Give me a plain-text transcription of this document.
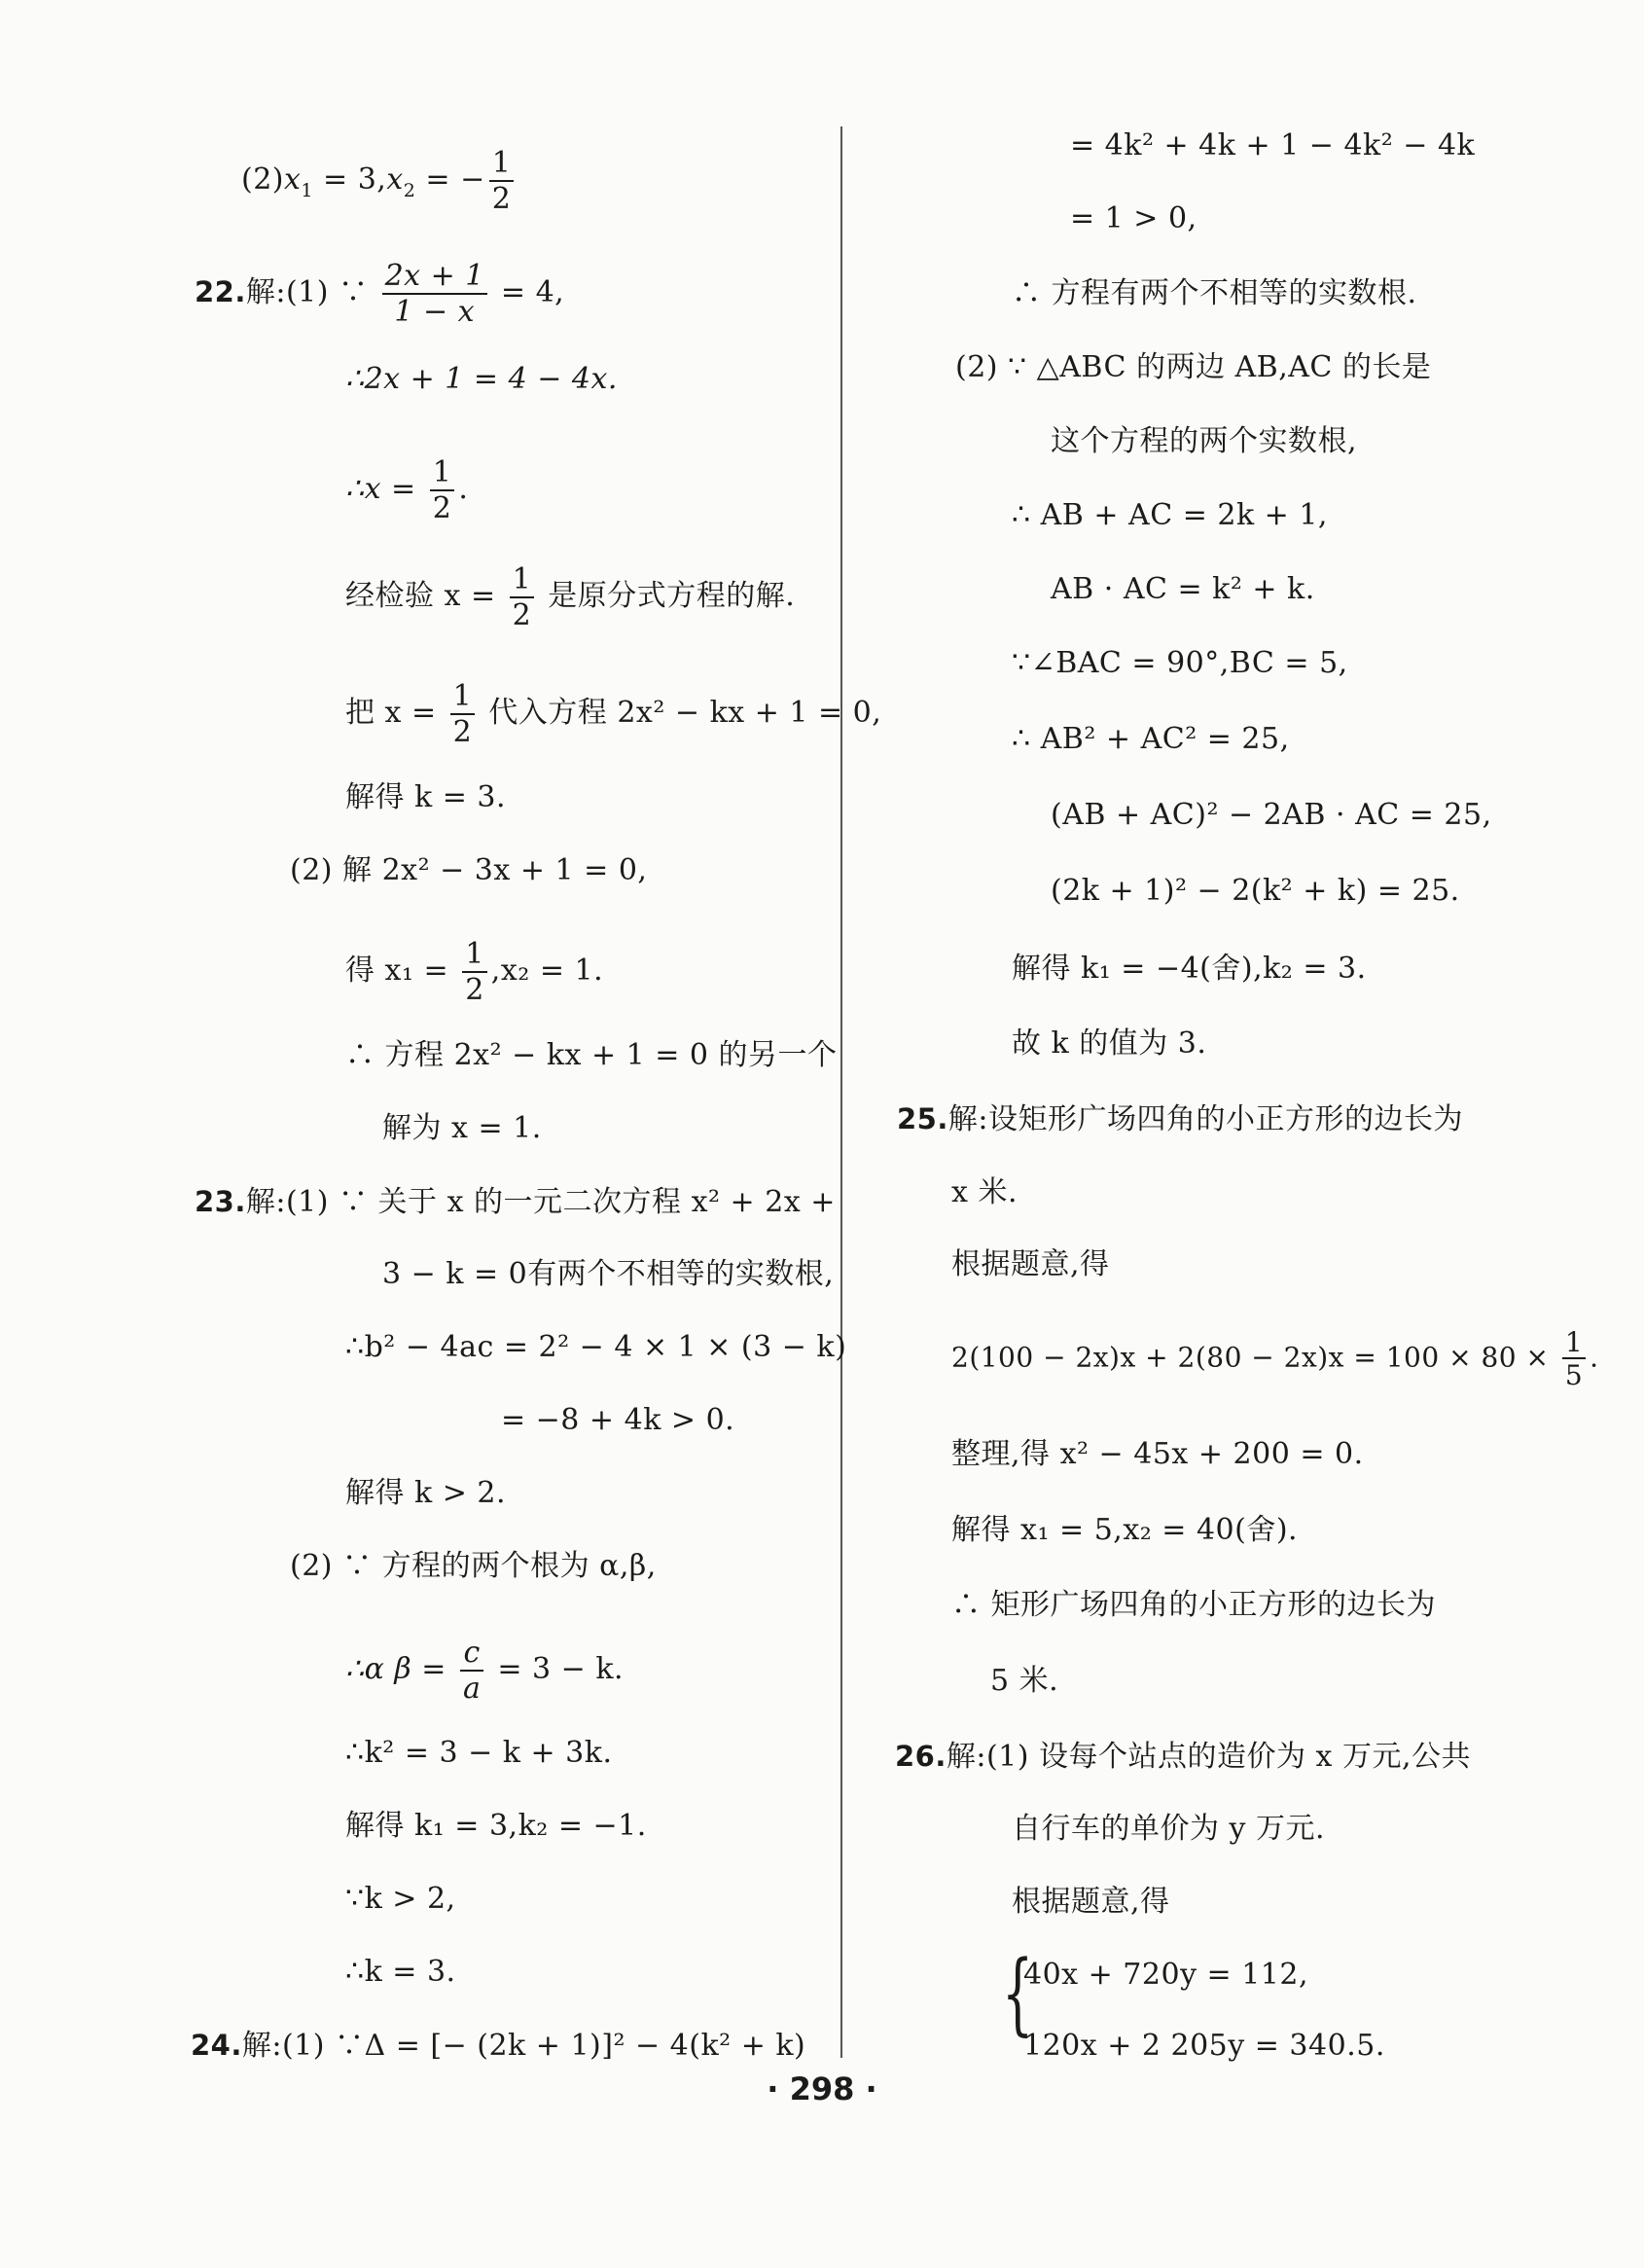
$(2)x_1 = 3,x_2$ = − $\frac{1}{2}$
22.解:(1) ∵ $\frac{2x + 1}{1 - x} = 4$,
∴2x + 1 = 4 − 4x.
∴x = $\frac{1}{2}$ .
经检验 $x = \frac{1}{2}$ 是原分式方程的解.
把 $x = \frac{1}{2}$ 代入方程 2x² − kx + 1 = 0,
解得 k = 3.
(2) 解 2x² − 3x + 1 = 0,
得 $x_1 = \frac{1}{2} ,x_2 = 1$.
∴ 方程 2x² − kx + 1 = 0 的另一个
解为 x = 1.
23.解:(1) ∵ 关于 x 的一元二次方程 x² + 2x +
3 − k = 0有两个不相等的实数根,
∴b² − 4ac = 2² − 4 × 1 × (3 − k)
= −8 + 4k > 0.
解得 k > 2.
(2) ∵ 方程的两个根为 α,β,
∴α $\beta = \frac{c}{a} = 3 - k$.
∴k² = 3 − k + 3k.
解得 k₁ = 3,k₂ = −1.
∵k > 2,
∴k = 3.
24.解:(1) ∵Δ = [− (2k + 1)]² − 4(k² + k)
= 4k² + 4k + 1 − 4k² − 4k
= 1 > 0,
∴ 方程有两个不相等的实数根.
(2) ∵ △ABC 的两边 AB,AC 的长是
这个方程的两个实数根,
∴ AB + AC = 2k + 1,
AB · AC = k² + k.
∵∠BAC = 90°,BC = 5,
∴ AB² + AC² = 25,
(AB + AC)² − 2AB · AC = 25,
(2k + 1)² − 2(k² + k) = 25.
解得 k₁ = −4(舍),k₂ = 3.
故 k 的值为 3.
25.解:设矩形广场四角的小正方形的边长为
x 米.
根据题意,得
$2(100 - 2x)x + 2(80 - 2x)x = 100 \times 80 \times \frac{1}{5}$ .
整理,得 x² − 45x + 200 = 0.
解得 x₁ = 5,x₂ = 40(舍).
∴ 矩形广场四角的小正方形的边长为
5 米.
26.解:(1) 设每个站点的造价为 x 万元,公共
自行车的单价为 y 万元.
根据题意,得
{
40x + 720y = 112,
120x + 2 205y = 340.5.
· 298 ·
